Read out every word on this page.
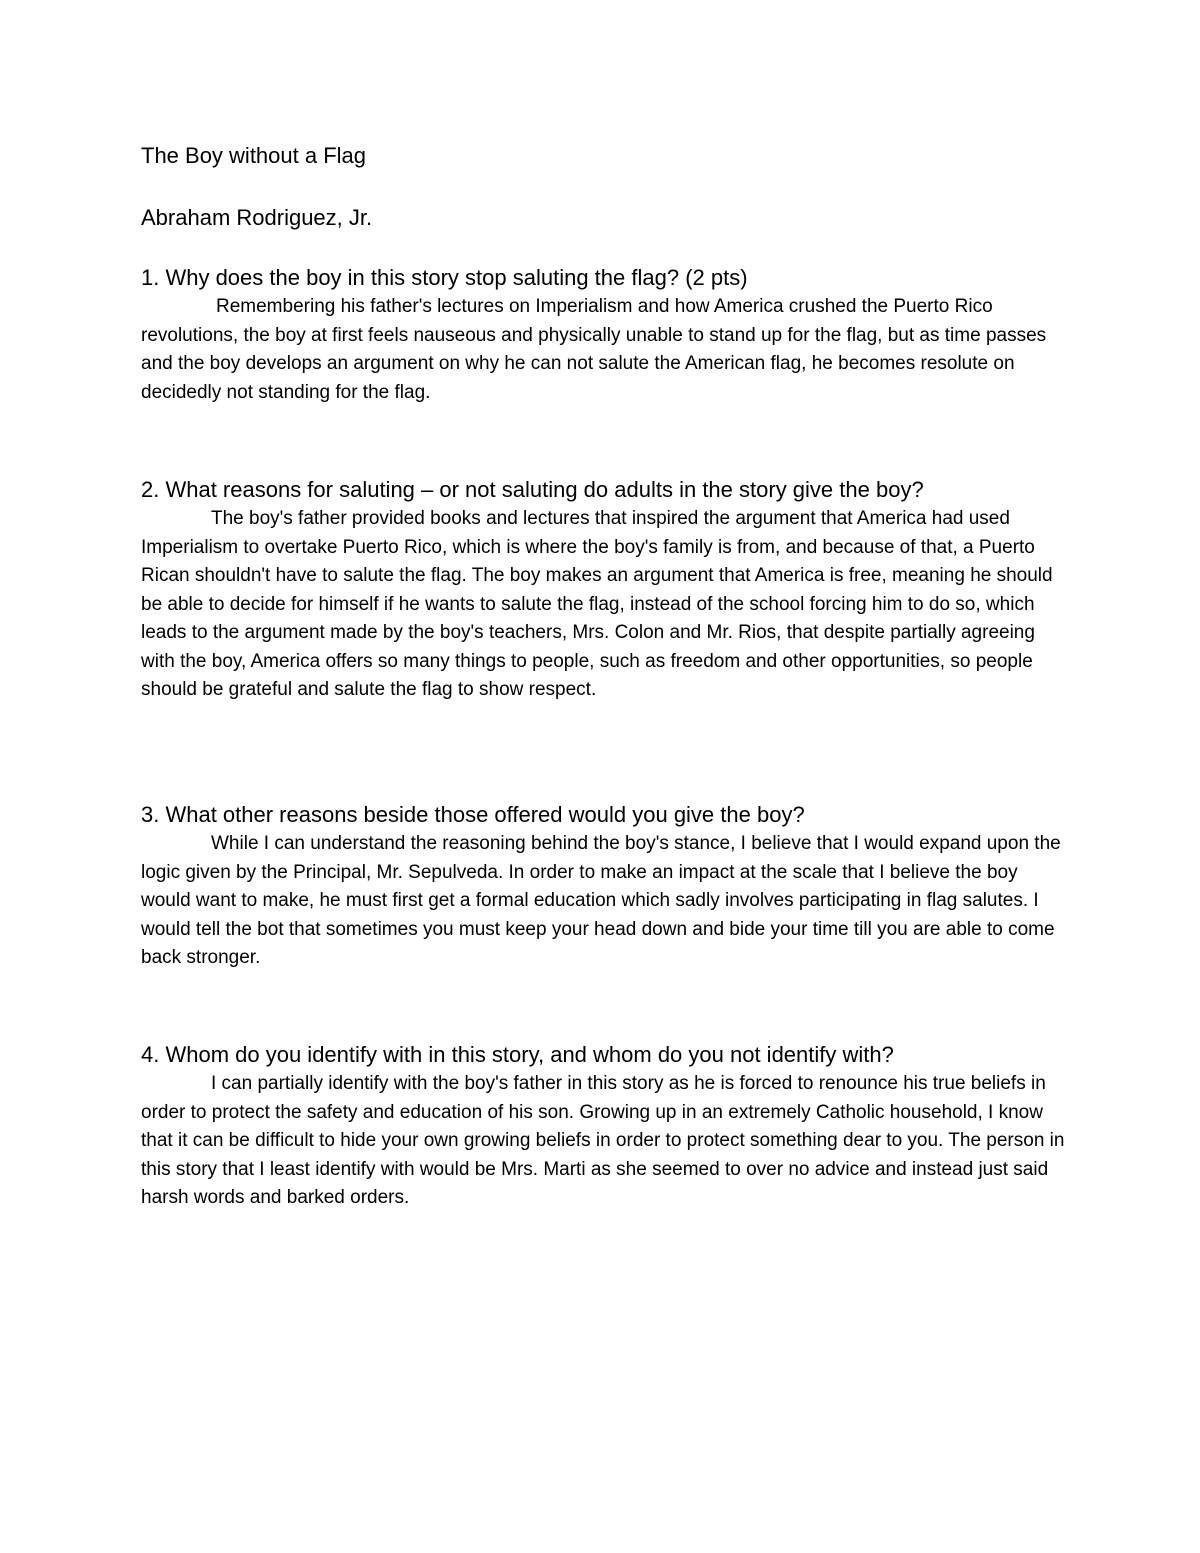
The Boy without a Flag
Abraham Rodriguez, Jr.

1. Why does the boy in this story stop saluting the flag? (2 pts)

Remembering his father's lectures on Imperialism and how America crushed the Puerto Rico revolutions, the boy at first feels nauseous and physically unable to stand up for the flag, but as time passes and the boy develops an argument on why he can not salute the American flag, he becomes resolute on decidedly not standing for the flag.

2. What reasons for saluting – or not saluting do adults in the story give the boy?

The boy's father provided books and lectures that inspired the argument that America had used Imperialism to overtake Puerto Rico, which is where the boy's family is from, and because of that, a Puerto Rican shouldn't have to salute the flag. The boy makes an argument that America is free, meaning he should be able to decide for himself if he wants to salute the flag, instead of the school forcing him to do so, which leads to the argument made by the boy's teachers, Mrs. Colon and Mr. Rios, that despite partially agreeing with the boy, America offers so many things to people, such as freedom and other opportunities, so people should be grateful and salute the flag to show respect.

3. What other reasons beside those offered would you give the boy?

While I can understand the reasoning behind the boy's stance, I believe that I would expand upon the logic given by the Principal, Mr. Sepulveda. In order to make an impact at the scale that I believe the boy would want to make, he must first get a formal education which sadly involves participating in flag salutes. I would tell the bot that sometimes you must keep your head down and bide your time till you are able to come back stronger.

4. Whom do you identify with in this story, and whom do you not identify with?

I can partially identify with the boy's father in this story as he is forced to renounce his true beliefs in order to protect the safety and education of his son. Growing up in an extremely Catholic household, I know that it can be difficult to hide your own growing beliefs in order to protect something dear to you. The person in this story that I least identify with would be Mrs. Marti as she seemed to over no advice and instead just said harsh words and barked orders.
